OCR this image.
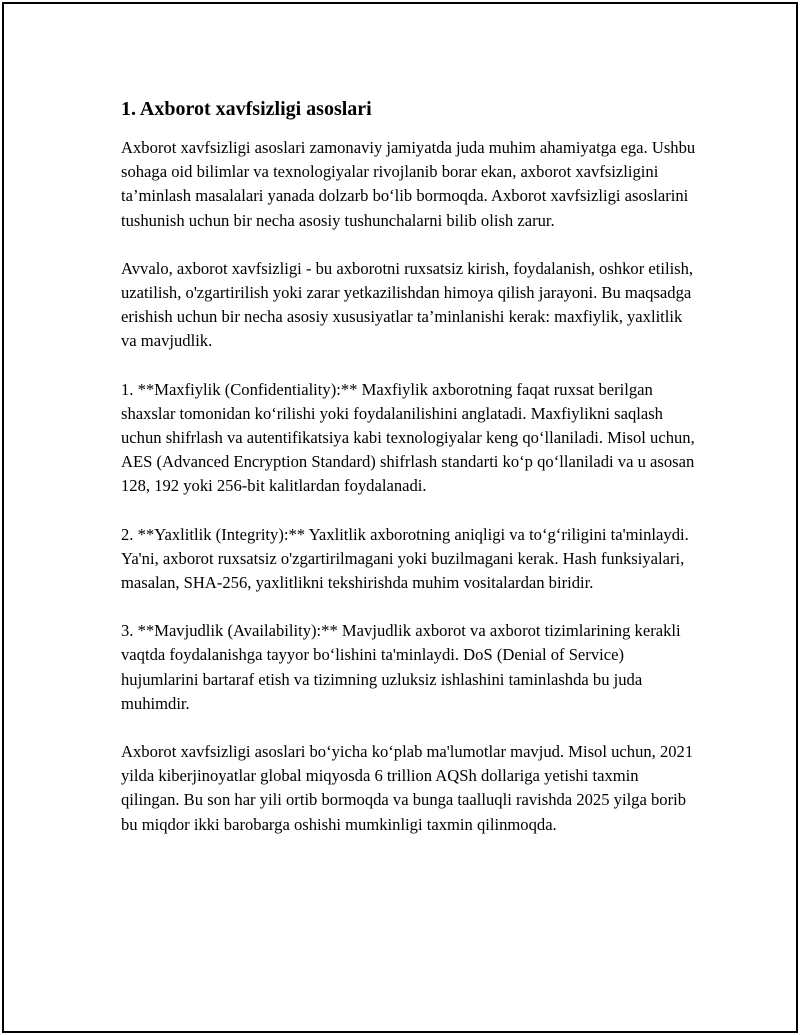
1. Axborot xavfsizligi asoslari

Axborot xavfsizligi asoslari zamonaviy jamiyatda juda muhim ahamiyatga ega. Ushbu sohaga oid bilimlar va texnologiyalar rivojlanib borar ekan, axborot xavfsizligini ta’minlash masalalari yanada dolzarb bo‘lib bormoqda. Axborot xavfsizligi asoslarini tushunish uchun bir necha asosiy tushunchalarni bilib olish zarur.

Avvalo, axborot xavfsizligi - bu axborotni ruxsatsiz kirish, foydalanish, oshkor etilish, uzatilish, o'zgartirilish yoki zarar yetkazilishdan himoya qilish jarayoni. Bu maqsadga erishish uchun bir necha asosiy xususiyatlar ta’minlanishi kerak: maxfiylik, yaxlitlik va mavjudlik.

1. **Maxfiylik (Confidentiality):** Maxfiylik axborotning faqat ruxsat berilgan shaxslar tomonidan ko‘rilishi yoki foydalanilishini anglatadi. Maxfiylikni saqlash uchun shifrlash va autentifikatsiya kabi texnologiyalar keng qo‘llaniladi. Misol uchun, AES (Advanced Encryption Standard) shifrlash standarti ko‘p qo‘llaniladi va u asosan 128, 192 yoki 256-bit kalitlardan foydalanadi.

2. **Yaxlitlik (Integrity):** Yaxlitlik axborotning aniqligi va to‘g‘riligini ta'minlaydi. Ya'ni, axborot ruxsatsiz o'zgartirilmagani yoki buzilmagani kerak. Hash funksiyalari, masalan, SHA-256, yaxlitlikni tekshirishda muhim vositalardan biridir.

3. **Mavjudlik (Availability):** Mavjudlik axborot va axborot tizimlarining kerakli vaqtda foydalanishga tayyor bo‘lishini ta'minlaydi. DoS (Denial of Service) hujumlarini bartaraf etish va tizimning uzluksiz ishlashini taminlashda bu juda muhimdir.

Axborot xavfsizligi asoslari bo‘yicha ko‘plab ma'lumotlar mavjud. Misol uchun, 2021 yilda kiberjinoyatlar global miqyosda 6 trillion AQSh dollariga yetishi taxmin qilingan. Bu son har yili ortib bormoqda va bunga taalluqli ravishda 2025 yilga borib bu miqdor ikki barobarga oshishi mumkinligi taxmin qilinmoqda.
